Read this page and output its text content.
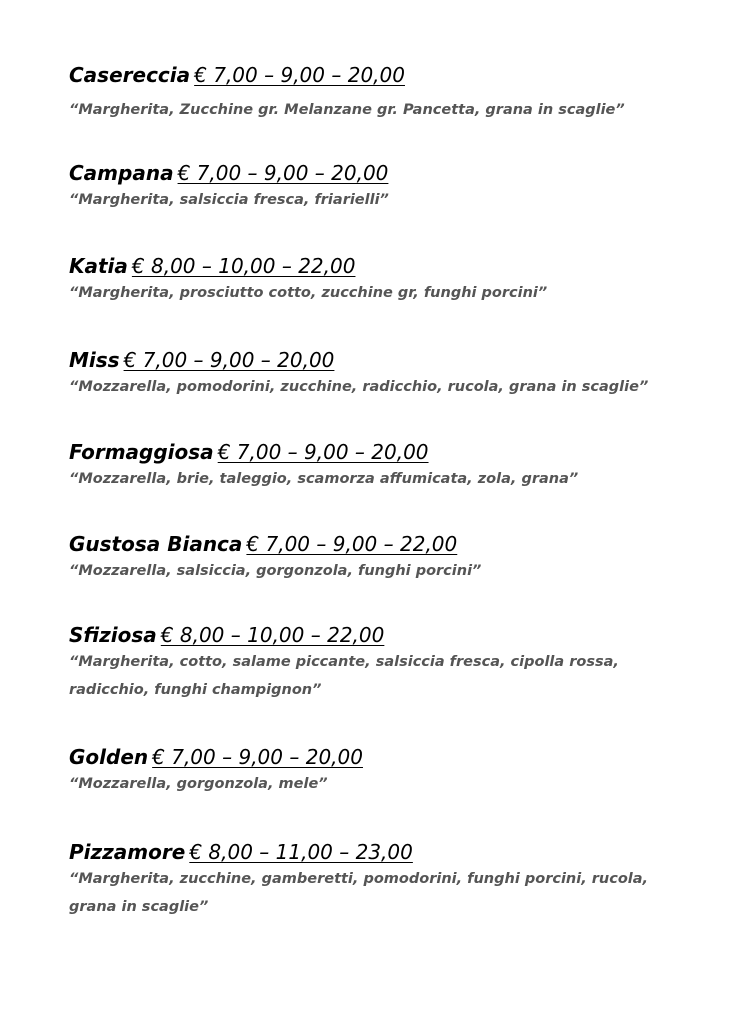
Casereccia € 7,00 – 9,00 – 20,00

“Margherita, Zucchine gr. Melanzane gr. Pancetta, grana in scaglie”

Campana € 7,00 – 9,00 – 20,00

“Margherita, salsiccia fresca, friarielli”

Katia € 8,00 – 10,00 – 22,00

“Margherita, prosciutto cotto, zucchine gr, funghi porcini”

Miss € 7,00 – 9,00 – 20,00

“Mozzarella, pomodorini, zucchine, radicchio, rucola, grana in scaglie”

Formaggiosa € 7,00 – 9,00 – 20,00

“Mozzarella, brie, taleggio, scamorza affumicata, zola, grana”

Gustosa Bianca € 7,00 – 9,00 – 22,00

“Mozzarella, salsiccia, gorgonzola, funghi porcini”

Sfiziosa € 8,00 – 10,00 – 22,00

“Margherita, cotto, salame piccante, salsiccia fresca, cipolla rossa,

radicchio, funghi champignon”

Golden € 7,00 – 9,00 – 20,00

“Mozzarella, gorgonzola, mele”

Pizzamore € 8,00 – 11,00 – 23,00

“Margherita, zucchine, gamberetti, pomodorini, funghi porcini, rucola,

grana in scaglie”
